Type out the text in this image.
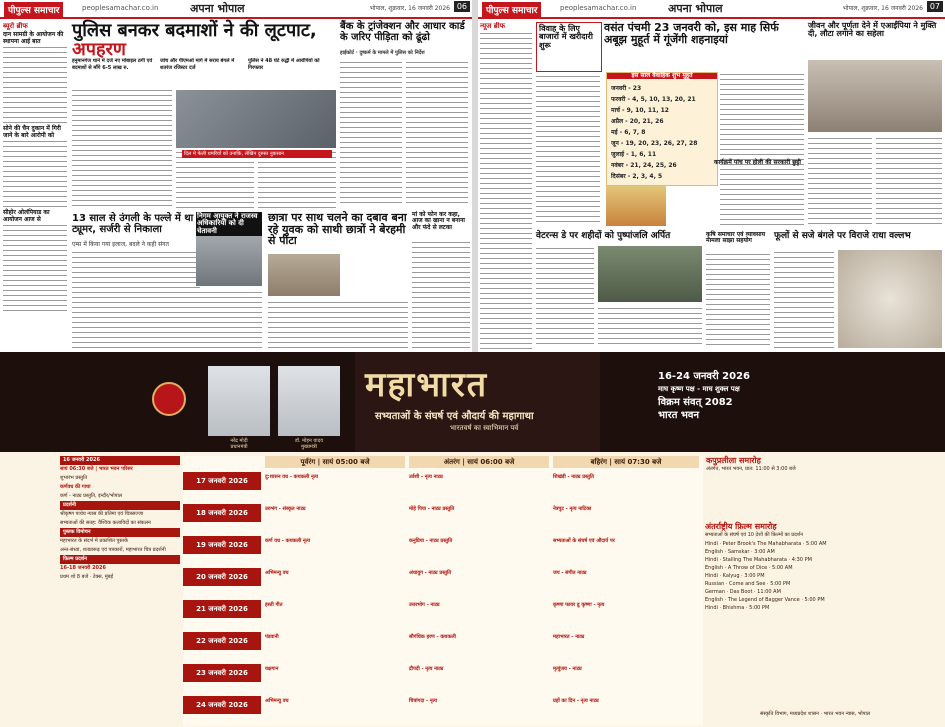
पीपुल्स समाचार	peoplesamachar.co.in	अपना भोपाल	भोपाल, शुक्रवार, 16 जनवरी 2026 06
ब्यूरो ब्रीफ
दान सामग्री के आयोजन की स्थापना आई बात
सोने की चैन दुकान में गिरी जाने के बारे आरोपी को
सीहोर ओलंपियाड का आयोजन आज से
पुलिस बनकर बदमाशों ने की लूटपाट, अपहरण
हनुमानगंज थाने में दर्ज नए मोबाइल ठगी एवं बदमाशों से माँगे 6-5 लाख रु.
जांच और पीएमओ मार्ग में सराय बंगले में शतरंज रजिस्टर दर्ज
पुलिस ने 48 घंटे रुद्धी में आरोपियों को गिरफ्तार
दिल मे फेली धमरियों को उनाकि, लेखिन दुरुस्त नुकसान
13 साल से उंगली के पल्ले में था ट्यूमर, सर्जरी से निकाला
एम्स में किया गया इलाज, बदले ने कही संगत
निगम आयुक्त ने राजस्व अधिकारियों को दी चेतावनी
छात्रा पर साथ चलने का दबाव बना रहे युवक को साथी छात्रों ने बेरहमी से पीटा
बैंक के ट्रांजेक्शन और आधार कार्ड के जरिए पीड़िता को ढूंढो
हाईकोर्ट · दुष्कर्म के मामले में पुलिस को निर्देश
मां को फोन कर कहा, आज का खाना न बनाना और फंदे से लटका
पीपुल्स समाचार	peoplesamachar.co.in	अपना भोपाल	भोपाल, शुक्रवार, 16 जनवरी 2026 07
न्यूज ब्रीफ	विवाह के लिए बाजारों में खरीदारी शुरू
वसंत पंचमी 23 जनवरी को, इस माह सिर्फ अबूझ मुहूर्त में गूंजेंगी शहनाइयां
इस साल वैवाहिक शुभ मुहूर्त
जनवरी - 23
फरवरी - 4, 5, 10, 13, 20, 21
मार्च - 9, 10, 11, 12
अप्रैल - 20, 21, 26
मई - 6, 7, 8
जून - 19, 20, 23, 26, 27, 28
जुलाई - 1, 6, 11
नवंबर - 21, 24, 25, 26
दिसंबर - 2, 3, 4, 5
वेटरन्स डे पर शहीदों को पुष्पांजलि अर्पित	कृषि समाचार एवं व्यावसाय मामला साझा सहयोग
कार्यक्रमें पांच पर होली की सरकारी छुट्टी
जीवन और पूर्णता देने में एआईंपिया ने मुक्ति दी, लौटा लगाने का सहेला
फूलों से सजे बंगले पर विराजे राधा वल्लभ
नरेंद्र मोदी
प्रधानमंत्री
डॉ. मोहन यादव
मुख्यमंत्री
महाभारत
सभ्यताओं के संघर्ष एवं औदार्य की महागाथा
भारतवर्ष का स्वाभिमान पर्व
16-24 जनवरी 2026
माघ कृष्ण पक्ष - माघ शुक्ल पक्ष
विक्रम संवत् 2082
भारत भवन
16 जनवरी 2026
सायं 06:30 बजे | भारत भवन परिसर
शुभारंभ प्रस्तुति
कर्णवध की गाथा
कर्ण - नाट्य प्रस्तुति, इन्दौर/भोपाल
प्रदर्शनी
श्रीकृष्ण पाथेय न्यास की प्रतिमा एवं चित्रसज्जा
सभ्यताओं की सतह: वैश्विक कलाविदों का संकलन
पुस्तक विमोचन
महाभारत के संदर्भ में प्रकाशित पुस्तकें
अन्त-संध्या, शतप्रारूढ़ एवं पत्रकारों, महाभारत चित्र प्रदर्शनी
फ़िल्म प्रदर्शन
16-18 जनवरी 2026
प्रथम शो 8 बजे · टेक्स, मुंबई
पूर्वरंग | सायं 05:00 बजे	अंतरंग | सायं 06:00 बजे	बहिरंग | सायं 07:30 बजे
17 जनवरी 2026	दु:शासन वध - कथकली नृत्य	उर्वशी - नृत्य नाट्य	शिखंडी - नाट्य प्रस्तुति
18 जनवरी 2026	उरुभंग - संस्कृत नाट्य	मोहे पिया - नाट्य प्रस्तुति	नेत्रपुट - नृत्य नाटिका
19 जनवरी 2026	कर्ण वध - कथकली नृत्य	कनुप्रिया - नाट्य प्रस्तुति	सभ्यताओं के संघर्ष एवं औदार्य पर
20 जनवरी 2026	अभिमन्यु वध	अंधायुग - नाट्य प्रस्तुति	जय - संगीत नाट्य
21 जनवरी 2026	हस्ती गीत	उत्तरभोग - नाट्य	कृष्णा फायर डू कृष्णा - नृत्य
22 जनवरी 2026	पंडवानी	सौगंधिक हरण - कथकली	महाभारत - नाट्य
23 जनवरी 2026	यक्षगान	द्रौपदी - नृत्य नाट्य	मृत्युंजय - नाट्य
24 जनवरी 2026	अभिमन्यु वध	चित्रांगदा - नृत्य	ग्रहों का दिन - नृत्य नाट्य
कपुप्रलीला समारोह
अंतर्गत, भारत भवन, प्रात: 11:00 से 3:00 बजे
अंतर्राष्ट्रीय फ़िल्म समारोह
सभ्यताओं के संघर्ष एवं 10 देशों की फ़िल्मों का प्रदर्शन
Hindi · Peter Brook's The Mahabharata · 5:00 AM
English · Samskar · 3:00 AM
Hindi · Stalling The Mahabharata · 4:30 PM
English · A Throw of Dice · 5:00 AM
Hindi · Kalyug · 3:00 PM
Russian · Come and See · 5:00 PM
German · Das Boot · 11:00 AM
English · The Legend of Bagger Vance · 5:00 PM
Hindi · Bhishma · 5:00 PM
संस्कृति विभाग, मध्यप्रदेश शासन · भारत भवन न्यास, भोपाल
